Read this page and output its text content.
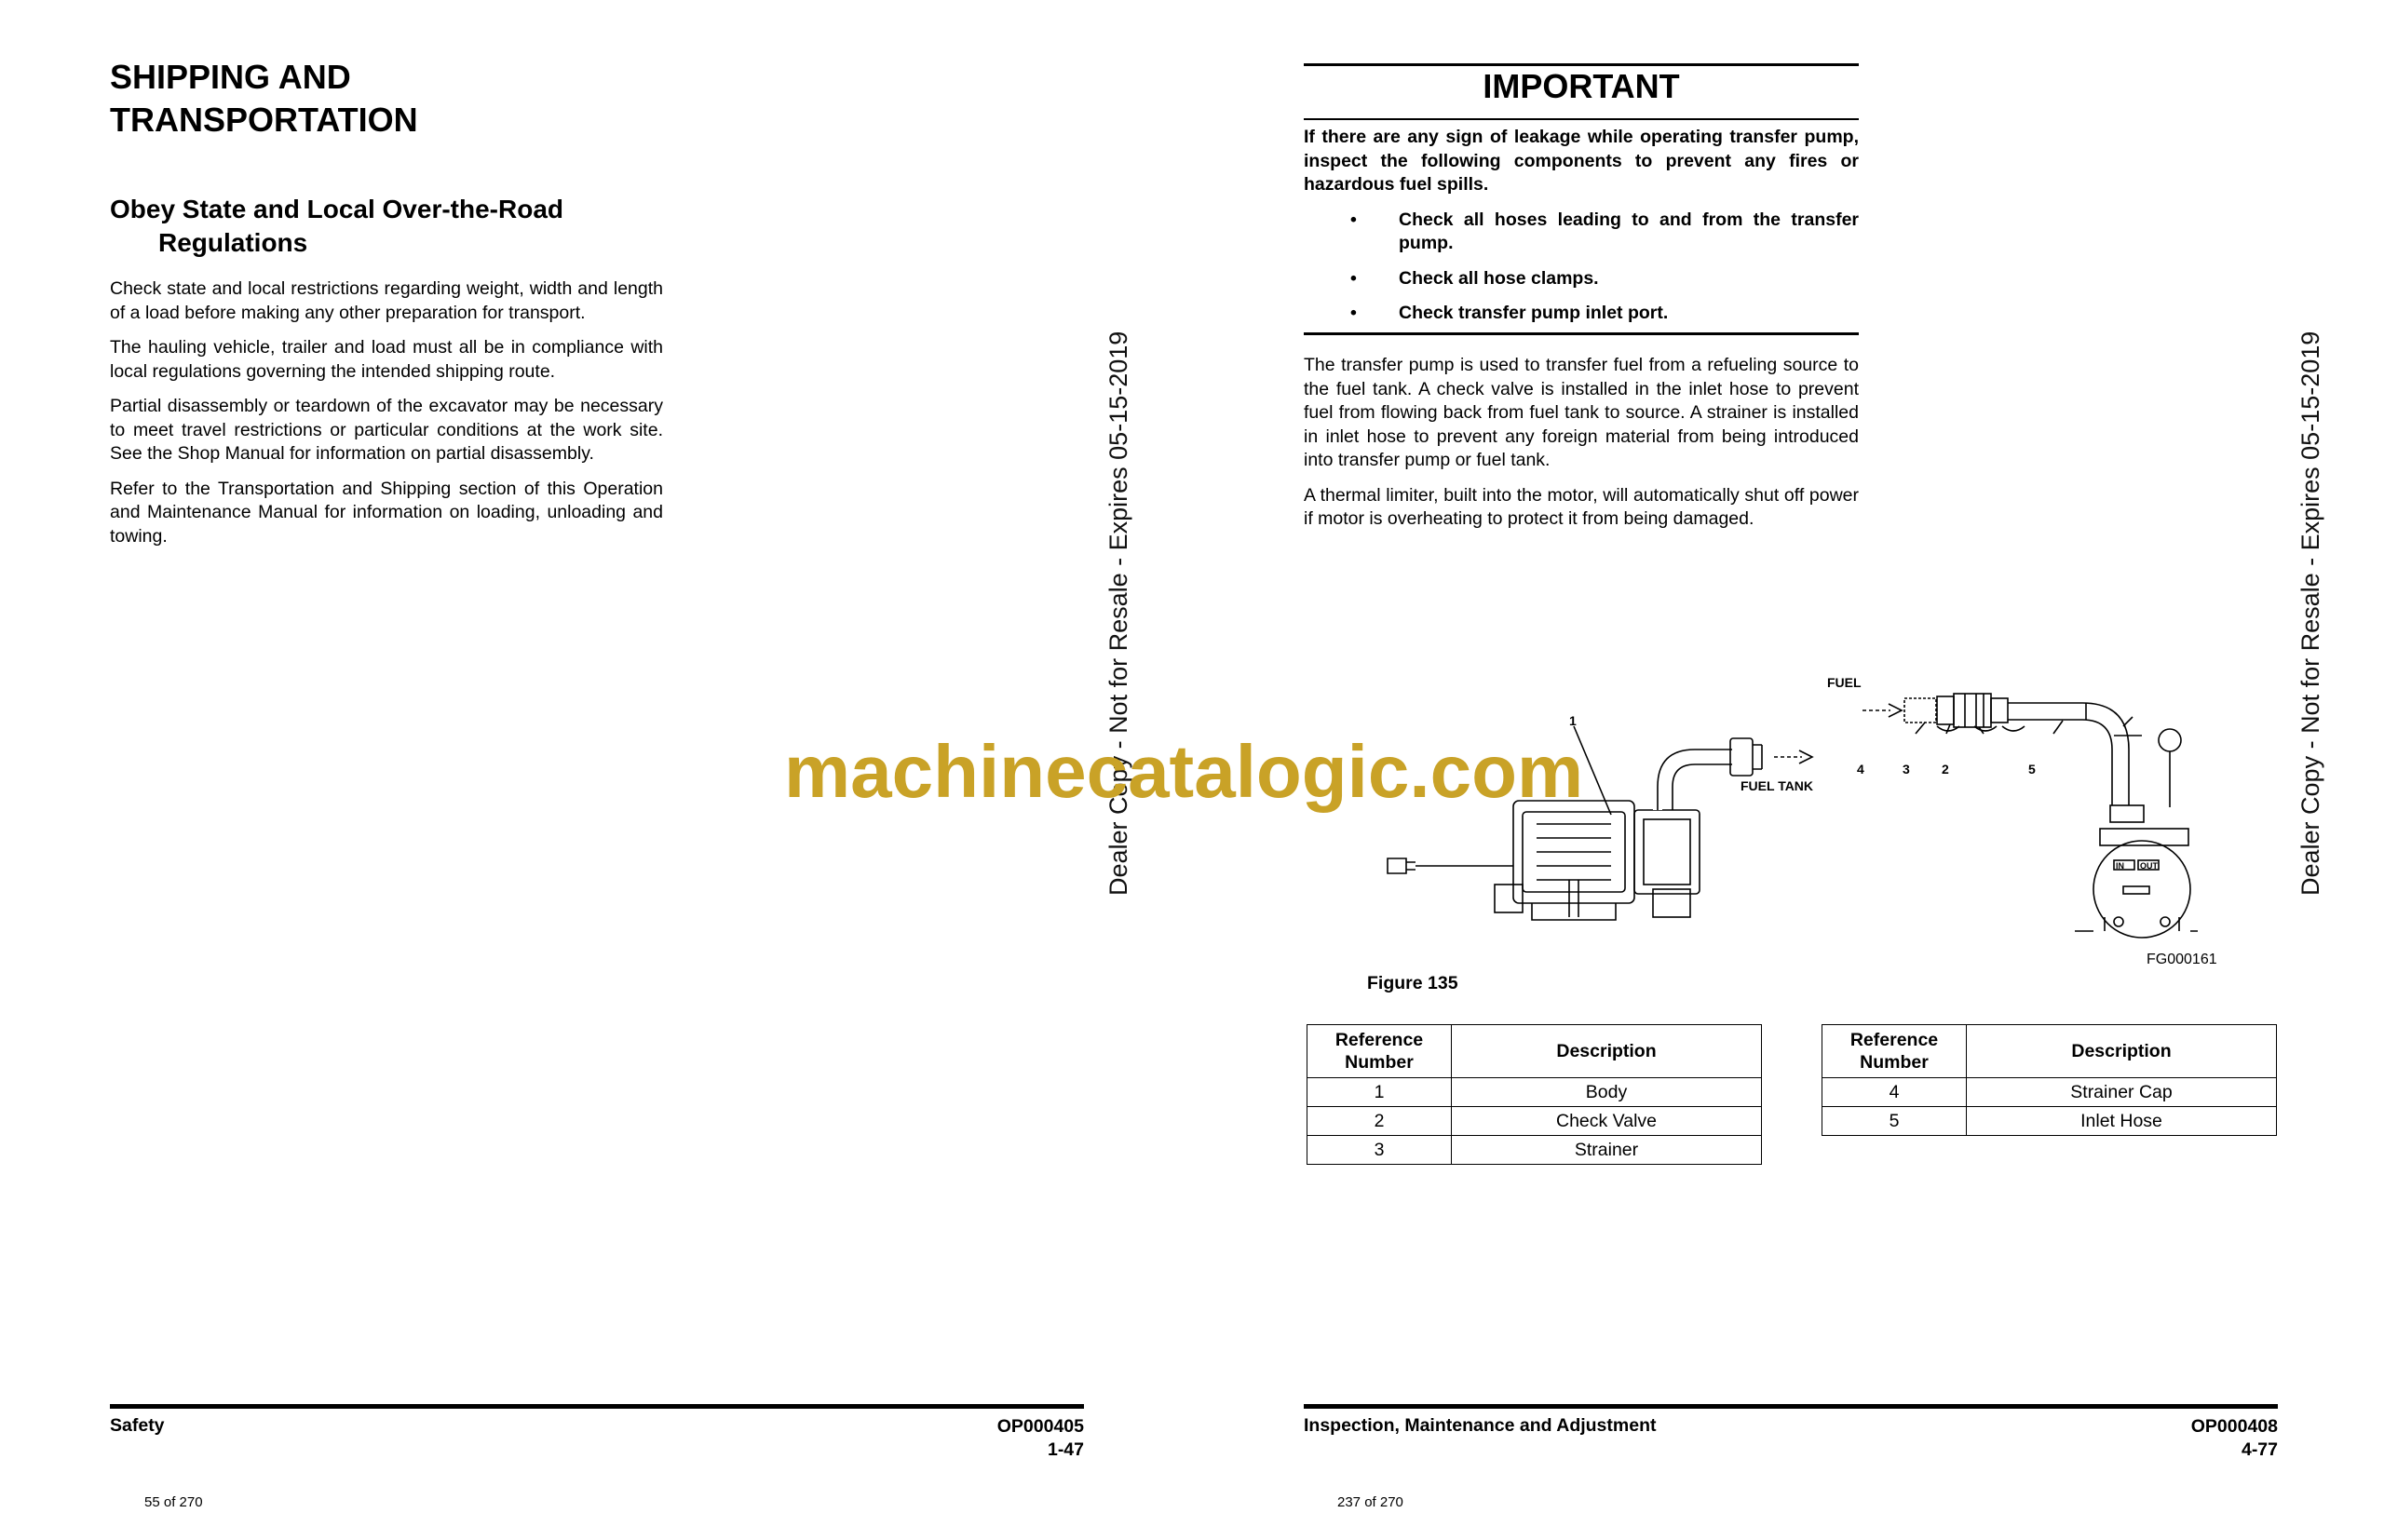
SHIPPING AND
TRANSPORTATION
Obey State and Local Over-the-Road
Regulations

Check state and local restrictions regarding weight, width and length of a load before making any other preparation for transport.

The hauling vehicle, trailer and load must all be in compliance with local regulations governing the intended shipping route.

Partial disassembly or teardown of the excavator may be necessary to meet travel restrictions or particular conditions at the work site. See the Shop Manual for information on partial disassembly.

Refer to the Transportation and Shipping section of this Operation and Maintenance Manual for information on loading, unloading and towing.

Safety	OP000405
1-47
55 of 270
Dealer Copy - Not for Resale - Expires 05-15-2019
IMPORTANT
If there are any sign of leakage while operating transfer pump, inspect the following components to prevent any fires or hazardous fuel spills.
• Check all hoses leading to and from the transfer pump.
• Check all hose clamps.
• Check transfer pump inlet port.

The transfer pump is used to transfer fuel from a refueling source to the fuel tank. A check valve is installed in the inlet hose to prevent fuel from flowing back from fuel tank to source. A strainer is installed in inlet hose to prevent any foreign material from being introduced into transfer pump or fuel tank.

A thermal limiter, built into the motor, will automatically shut off power if motor is overheating to protect it from being damaged.

1
FUEL TANK
FUEL
4	3 2	5
IN OUT
FG000161
Figure 135
Reference
Number	Description
1	Body
2	Check Valve
3	Strainer
Reference
Number	Description
4	Strainer Cap
5	Inlet Hose
Inspection, Maintenance and Adjustment	OP000408
4-77
237 of 270
Dealer Copy - Not for Resale - Expires 05-15-2019
machinecatalogic.com
